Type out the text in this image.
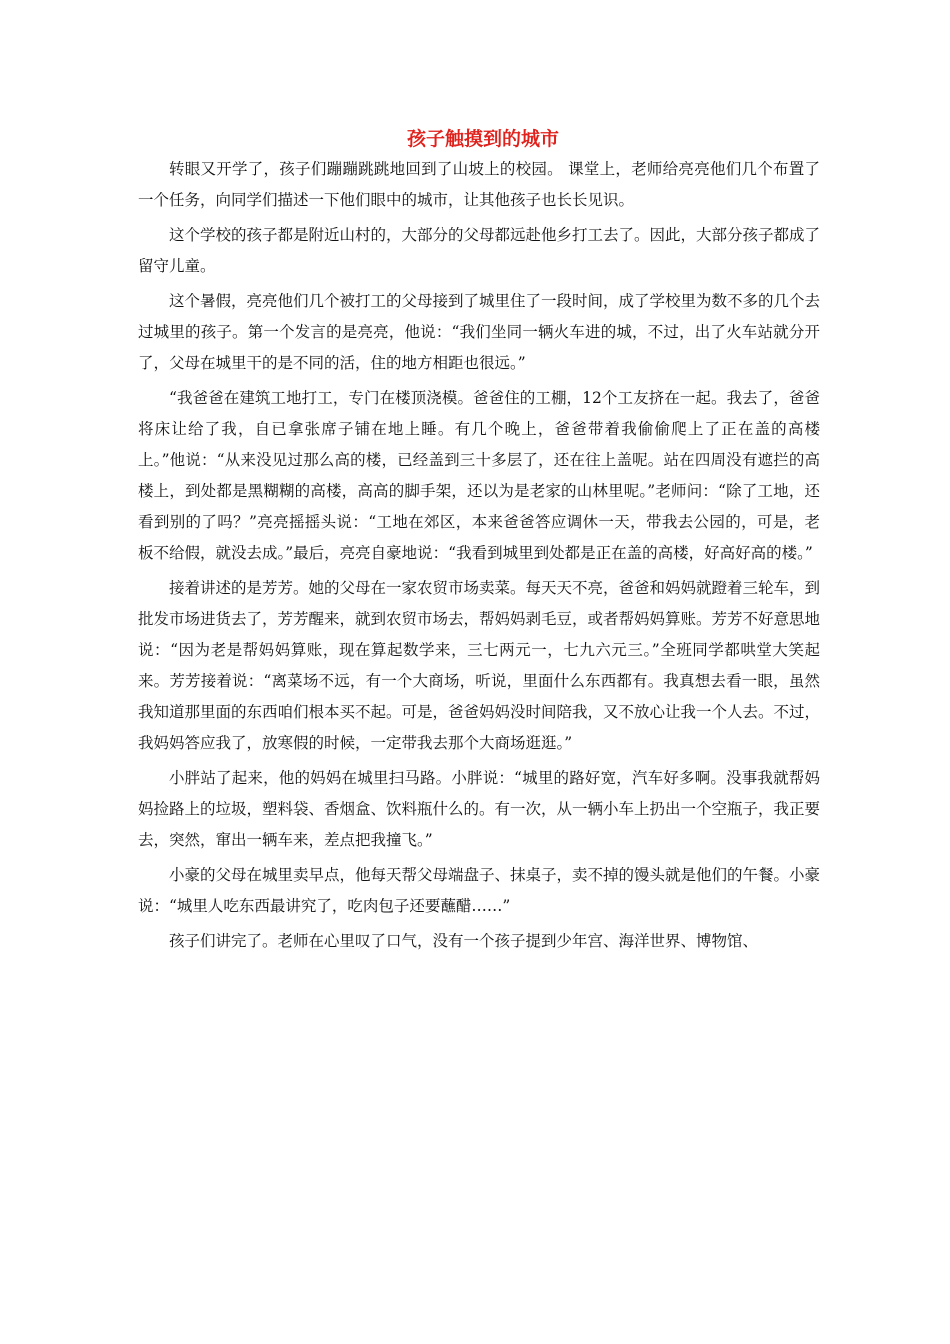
孩子触摸到的城市

转眼又开学了，孩子们蹦蹦跳跳地回到了山坡上的校园。 课堂上，老师给亮亮他们几个布置了一个任务，向同学们描述一下他们眼中的城市，让其他孩子也长长见识。

这个学校的孩子都是附近山村的，大部分的父母都远赴他乡打工去了。因此，大部分孩子都成了留守儿童。

这个暑假，亮亮他们几个被打工的父母接到了城里住了一段时间，成了学校里为数不多的几个去过城里的孩子。第一个发言的是亮亮，他说：“我们坐同一辆火车进的城，不过，出了火车站就分开了，父母在城里干的是不同的活，住的地方相距也很远。”

“我爸爸在建筑工地打工，专门在楼顶浇模。爸爸住的工棚，12个工友挤在一起。我去了，爸爸将床让给了我，自已拿张席子铺在地上睡。有几个晚上，爸爸带着我偷偷爬上了正在盖的高楼上。”他说：“从来没见过那么高的楼，已经盖到三十多层了，还在往上盖呢。站在四周没有遮拦的高楼上，到处都是黑糊糊的高楼，高高的脚手架，还以为是老家的山林里呢。”老师问：“除了工地，还看到别的了吗？”亮亮摇摇头说：“工地在郊区，本来爸爸答应调休一天，带我去公园的，可是，老板不给假，就没去成。”最后，亮亮自豪地说：“我看到城里到处都是正在盖的高楼，好高好高的楼。”

接着讲述的是芳芳。她的父母在一家农贸市场卖菜。每天天不亮，爸爸和妈妈就蹬着三轮车，到批发市场进货去了，芳芳醒来，就到农贸市场去，帮妈妈剥毛豆，或者帮妈妈算账。芳芳不好意思地说：“因为老是帮妈妈算账，现在算起数学来，三七两元一，七九六元三。”全班同学都哄堂大笑起来。芳芳接着说：“离菜场不远，有一个大商场，听说，里面什么东西都有。我真想去看一眼，虽然我知道那里面的东西咱们根本买不起。可是，爸爸妈妈没时间陪我，又不放心让我一个人去。不过，我妈妈答应我了，放寒假的时候，一定带我去那个大商场逛逛。”

小胖站了起来，他的妈妈在城里扫马路。小胖说：“城里的路好宽，汽车好多啊。没事我就帮妈妈捡路上的垃圾，塑料袋、香烟盒、饮料瓶什么的。有一次，从一辆小车上扔出一个空瓶子，我正要去，突然，窜出一辆车来，差点把我撞飞。”

小豪的父母在城里卖早点，他每天帮父母端盘子、抹桌子，卖不掉的馒头就是他们的午餐。小豪说：“城里人吃东西最讲究了，吃肉包子还要蘸醋……”

孩子们讲完了。老师在心里叹了口气，没有一个孩子提到少年宫、海洋世界、博物馆、
